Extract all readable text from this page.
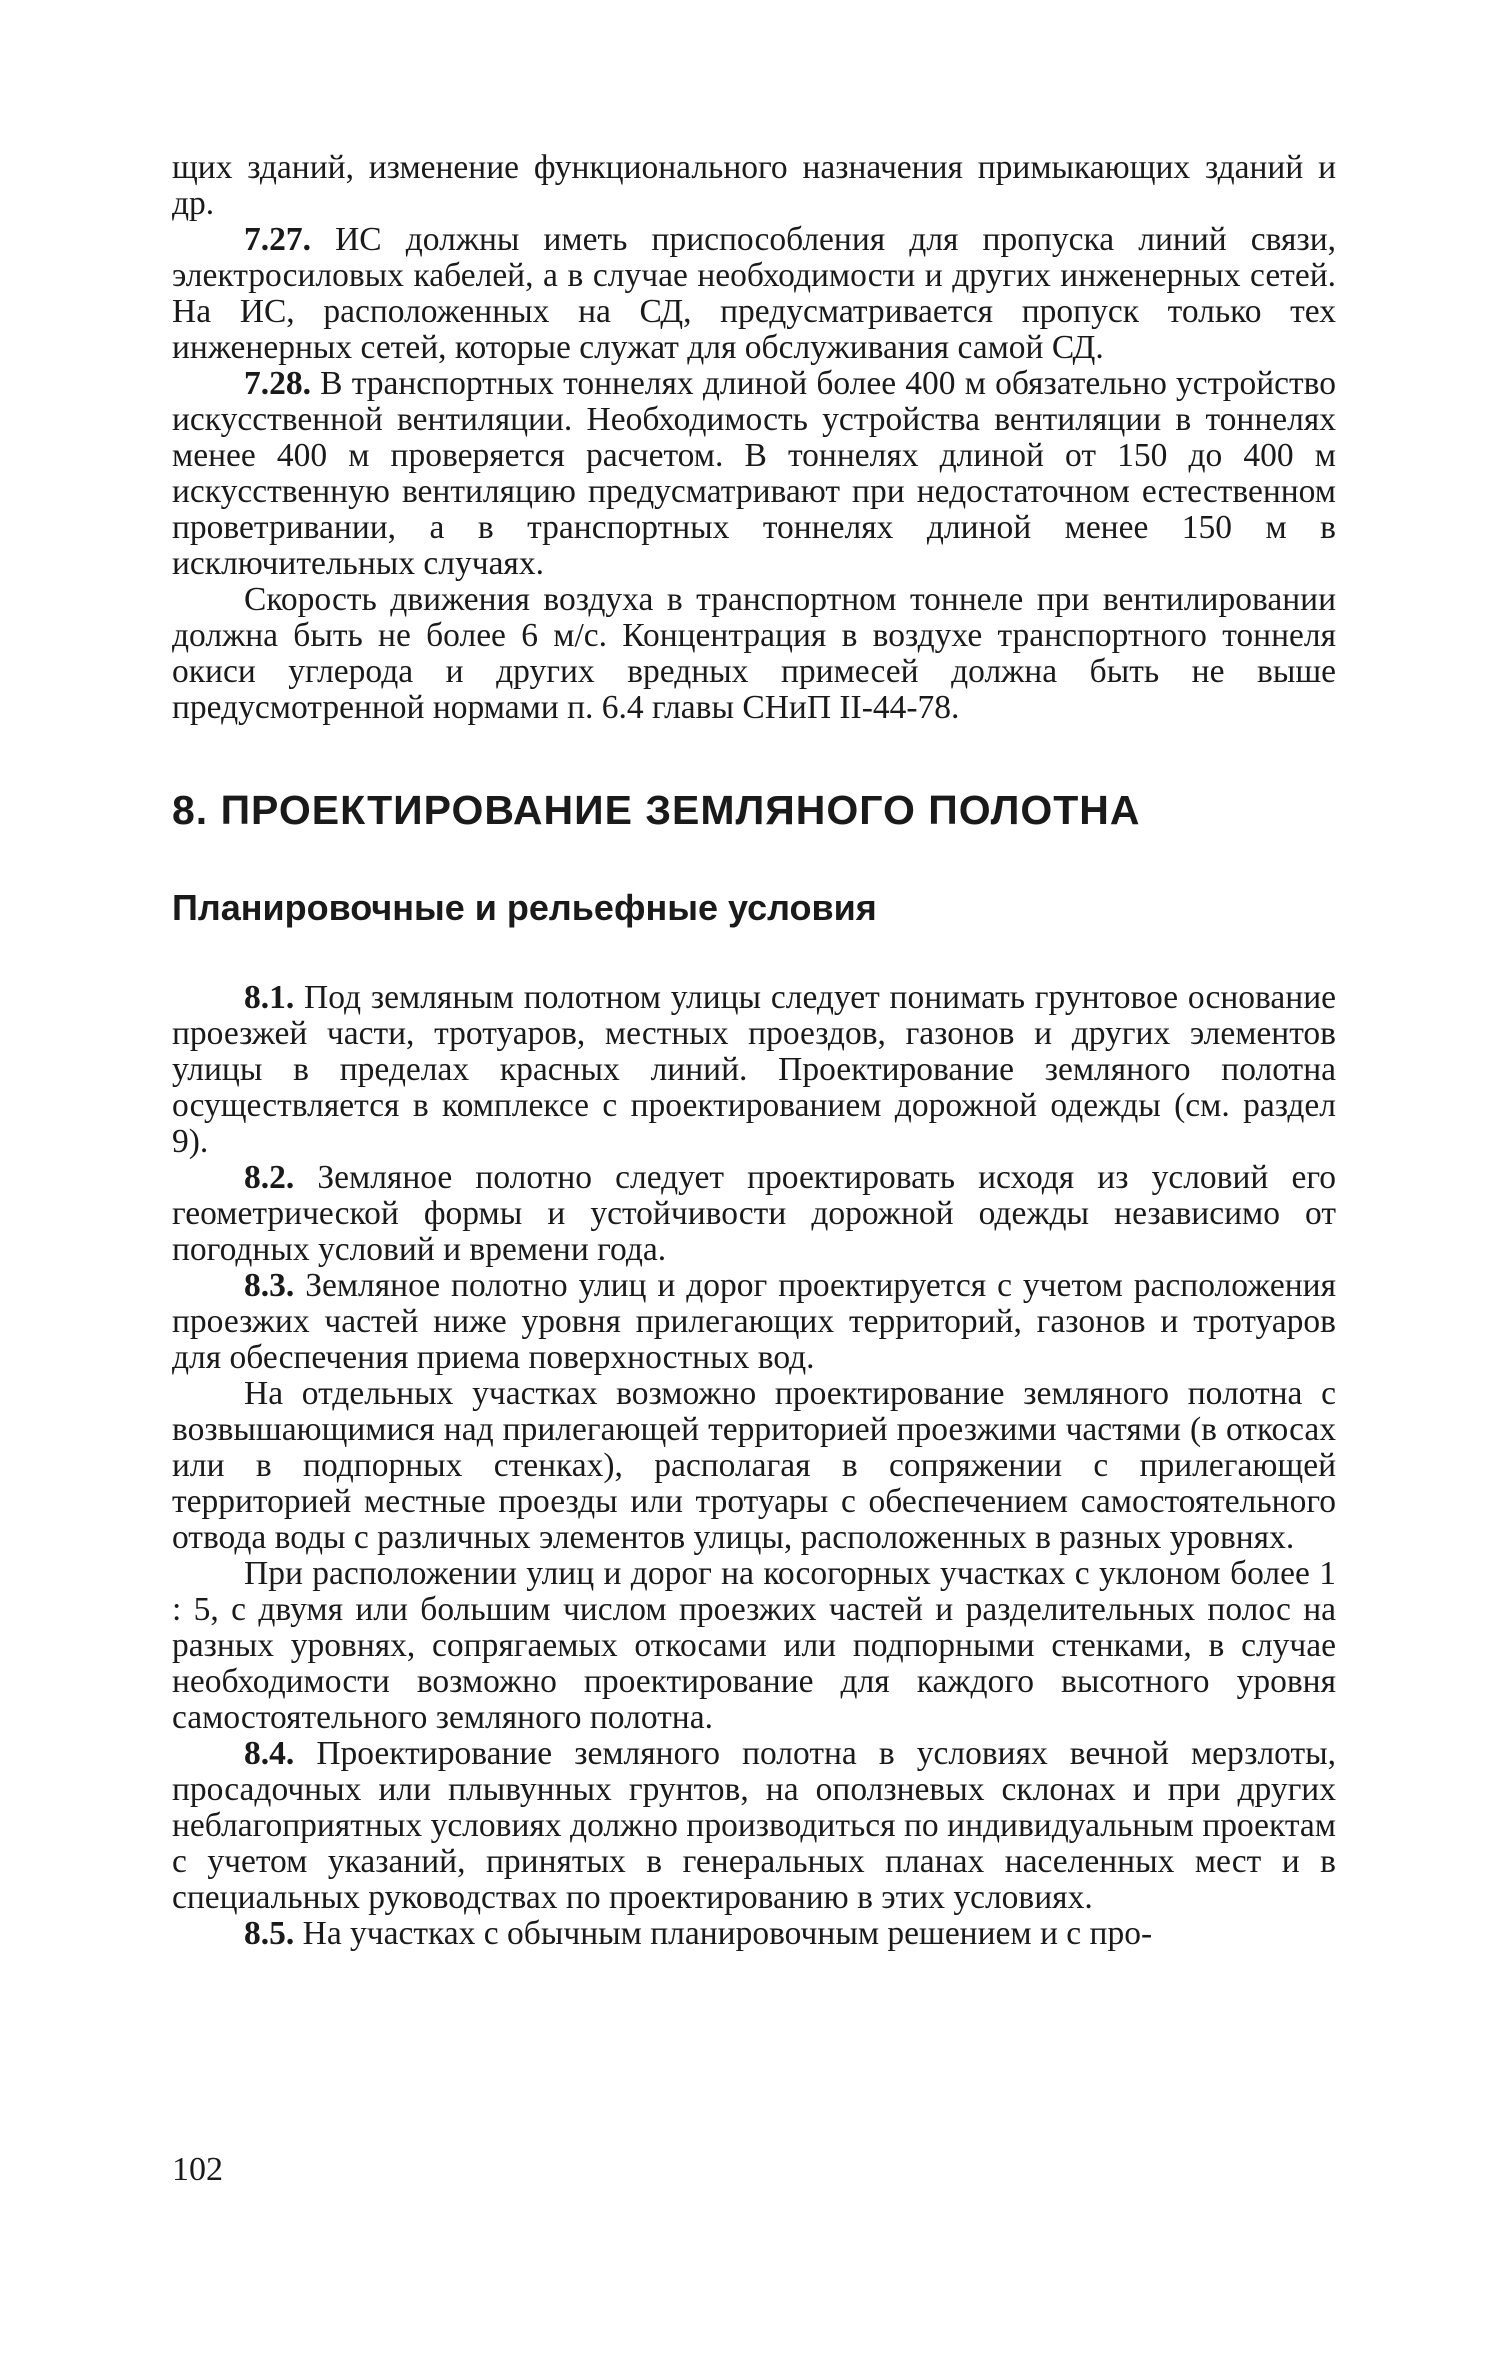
щих зданий, изменение функционального назначения примыкающих зданий и др.

7.27. ИС должны иметь приспособления для пропуска линий связи, электросиловых кабелей, а в случае необходимости и других инженерных сетей. На ИС, расположенных на СД, предусматривается пропуск только тех инженерных сетей, которые служат для обслуживания самой СД.

7.28. В транспортных тоннелях длиной более 400 м обязательно устройство искусственной вентиляции. Необходимость устройства вентиляции в тоннелях менее 400 м проверяется расчетом. В тоннелях длиной от 150 до 400 м искусственную вентиляцию предусматривают при недостаточном естественном проветривании, а в транспортных тоннелях длиной менее 150 м в исключительных случаях.

Скорость движения воздуха в транспортном тоннеле при вентилировании должна быть не более 6 м/с. Концентрация в воздухе транспортного тоннеля окиси углерода и других вредных примесей должна быть не выше предусмотренной нормами п. 6.4 главы СНиП II-44-78.

8. ПРОЕКТИРОВАНИЕ ЗЕМЛЯНОГО ПОЛОТНА
Планировочные и рельефные условия

8.1. Под земляным полотном улицы следует понимать грунтовое основание проезжей части, тротуаров, местных проездов, газонов и других элементов улицы в пределах красных линий. Проектирование земляного полотна осуществляется в комплексе с проектированием дорожной одежды (см. раздел 9).

8.2. Земляное полотно следует проектировать исходя из условий его геометрической формы и устойчивости дорожной одежды независимо от погодных условий и времени года.

8.3. Земляное полотно улиц и дорог проектируется с учетом расположения проезжих частей ниже уровня прилегающих территорий, газонов и тротуаров для обеспечения приема поверхностных вод.

На отдельных участках возможно проектирование земляного полотна с возвышающимися над прилегающей территорией проезжими частями (в откосах или в подпорных стенках), располагая в сопряжении с прилегающей территорией местные проезды или тротуары с обеспечением самостоятельного отвода воды с различных элементов улицы, расположенных в разных уровнях.

При расположении улиц и дорог на косогорных участках с уклоном более 1 : 5, с двумя или большим числом проезжих частей и разделительных полос на разных уровнях, сопрягаемых откосами или подпорными стенками, в случае необходимости возможно проектирование для каждого высотного уровня самостоятельного земляного полотна.

8.4. Проектирование земляного полотна в условиях вечной мерзлоты, просадочных или плывунных грунтов, на оползневых склонах и при других неблагоприятных условиях должно производиться по индивидуальным проектам с учетом указаний, принятых в генеральных планах населенных мест и в специальных руководствах по проектированию в этих условиях.

8.5. На участках с обычным планировочным решением и с про-

102
